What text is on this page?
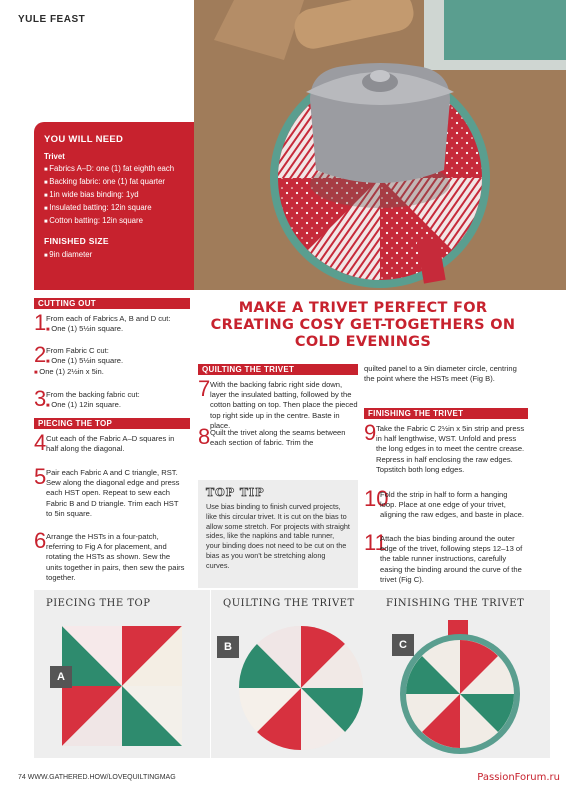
YULE FEAST
YOU WILL NEED
Trivet
■ Fabrics A–D: one (1) fat eighth each
■ Backing fabric: one (1) fat quarter
■ 1in wide bias binding: 1yd
■ Insulated batting: 12in square
■ Cotton batting: 12in square
FINISHED SIZE
■ 9in diameter
MAKE A TRIVET PERFECT FOR CREATING COSY GET-TOGETHERS ON COLD EVENINGS
CUTTING OUT
1 From each of Fabrics A, B and D cut:
■ One (1) 5½in square.
2 From Fabric C cut:
■ One (1) 5½in square.
■ One (1) 2½in x 5in.
3 From the backing fabric cut:
■ One (1) 12in square.
PIECING THE TOP
4 Cut each of the Fabric A–D squares in half along the diagonal.
5 Pair each Fabric A and C triangle, RST. Sew along the diagonal edge and press each HST open. Repeat to sew each Fabric B and D triangle. Trim each HST to 5in square.
6 Arrange the HSTs in a four-patch, referring to Fig A for placement, and rotating the HSTs as shown. Sew the units together in pairs, then sew the pairs together.
QUILTING THE TRIVET
7 With the backing fabric right side down, layer the insulated batting, followed by the cotton batting on top. Then place the pieced top right side up in the centre. Baste in place.
8 Quilt the trivet along the seams between each section of fabric. Trim the
quilted panel to a 9in diameter circle, centring the point where the HSTs meet (Fig B).
FINISHING THE TRIVET
9 Take the Fabric C 2½in x 5in strip and press in half lengthwise, WST. Unfold and press the long edges in to meet the centre crease. Repress in half enclosing the raw edges. Topstitch both long edges.
10
Fold the strip in half to form a hanging loop. Place at one edge of your trivet, aligning the raw edges, and baste in place.
11
Attach the bias binding around the outer edge of the trivet, following steps 12–13 of the table runner instructions, carefully easing the binding around the curve of the trivet (Fig C).
TOP TIP
Use bias binding to finish curved projects, like this circular trivet. It is cut on the bias to allow some stretch. For projects with straight sides, like the napkins and table runner, your binding does not need to be cut on the bias as you won't be stretching along curves.
PIECING THE TOP
A
QUILTING THE TRIVET
B
FINISHING THE TRIVET
C
74 WWW.GATHERED.HOW/LOVEQUILTINGMAG	PassionForum.ru
